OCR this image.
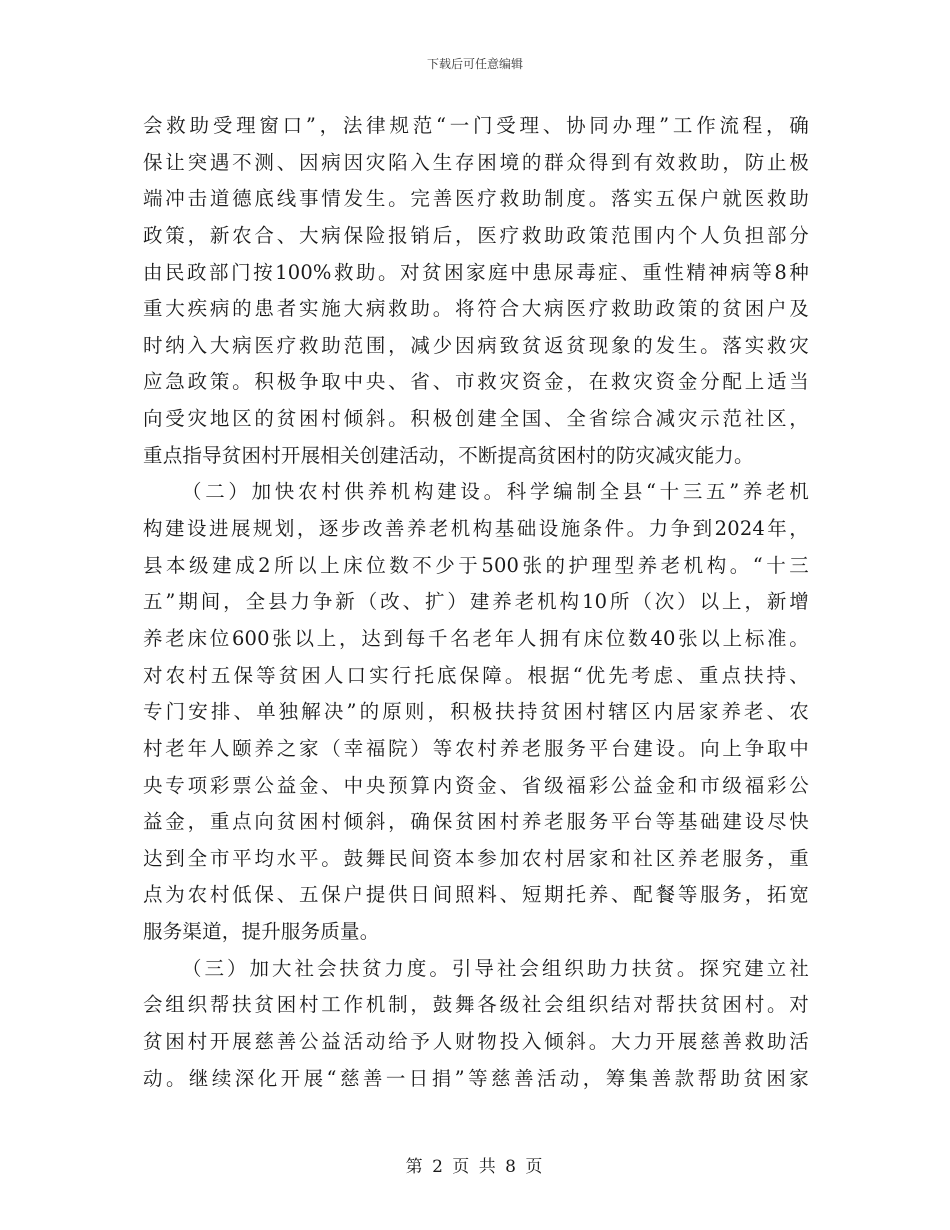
下载后可任意编辑
会救助受理窗口”，法律规范“一门受理、协同办理”工作流程，确
保让突遇不测、因病因灾陷入生存困境的群众得到有效救助，防止极
端冲击道德底线事情发生。完善医疗救助制度。落实五保户就医救助
政策，新农合、大病保险报销后，医疗救助政策范围内个人负担部分
由民政部门按100%救助。对贫困家庭中患尿毒症、重性精神病等8种
重大疾病的患者实施大病救助。将符合大病医疗救助政策的贫困户及
时纳入大病医疗救助范围，减少因病致贫返贫现象的发生。落实救灾
应急政策。积极争取中央、省、市救灾资金，在救灾资金分配上适当
向受灾地区的贫困村倾斜。积极创建全国、全省综合减灾示范社区，
重点指导贫困村开展相关创建活动，不断提高贫困村的防灾减灾能力。
（二）加快农村供养机构建设。科学编制全县“十三五”养老机
构建设进展规划，逐步改善养老机构基础设施条件。力争到2024年，
县本级建成2所以上床位数不少于500张的护理型养老机构。“十三
五”期间，全县力争新（改、扩）建养老机构10所（次）以上，新增
养老床位600张以上，达到每千名老年人拥有床位数40张以上标准。
对农村五保等贫困人口实行托底保障。根据“优先考虑、重点扶持、
专门安排、单独解决”的原则，积极扶持贫困村辖区内居家养老、农
村老年人颐养之家（幸福院）等农村养老服务平台建设。向上争取中
央专项彩票公益金、中央预算内资金、省级福彩公益金和市级福彩公
益金，重点向贫困村倾斜，确保贫困村养老服务平台等基础建设尽快
达到全市平均水平。鼓舞民间资本参加农村居家和社区养老服务，重
点为农村低保、五保户提供日间照料、短期托养、配餐等服务，拓宽
服务渠道，提升服务质量。
（三）加大社会扶贫力度。引导社会组织助力扶贫。探究建立社
会组织帮扶贫困村工作机制，鼓舞各级社会组织结对帮扶贫困村。对
贫困村开展慈善公益活动给予人财物投入倾斜。大力开展慈善救助活
动。继续深化开展“慈善一日捐”等慈善活动，筹集善款帮助贫困家
第 2 页 共 8 页
